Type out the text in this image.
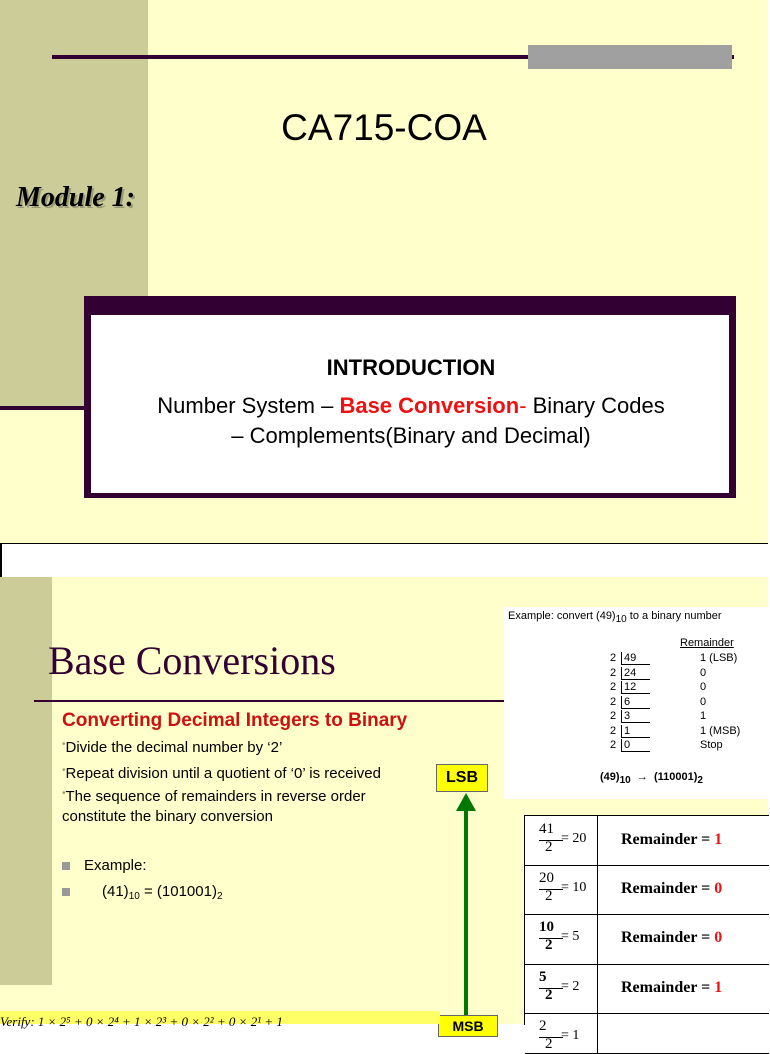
CA715-COA
Module 1:
INTRODUCTION
Number System – Base Conversion- Binary Codes
– Complements(Binary and Decimal)
Base Conversions
Converting Decimal Integers to Binary
•Divide the decimal number by ‘2’
•Repeat division until a quotient of ‘0’ is received
•The sequence of remainders in reverse order
constitute the binary conversion
Example:
$(41)_{10} = (101001)_2$
Example: convert (49)10 to a binary number
Remainder
2 49	1 (LSB)
2 24	0
2 12	0
2 6	0
2 3	1
2 1	1 (MSB)
2 0	Stop
(49)10 → (110001)2
LSB
MSB
41
2
= 20 Remainder = 1
20
2
= 10 Remainder = 0
10
2
= 5	Remainder = 0
5
2
= 2	Remainder = 1
2
2
= 1
Verify: 1 × 2⁵ + 0 × 2⁴ + 1 × 2³ + 0 × 2² + 0 × 2¹ + 1
